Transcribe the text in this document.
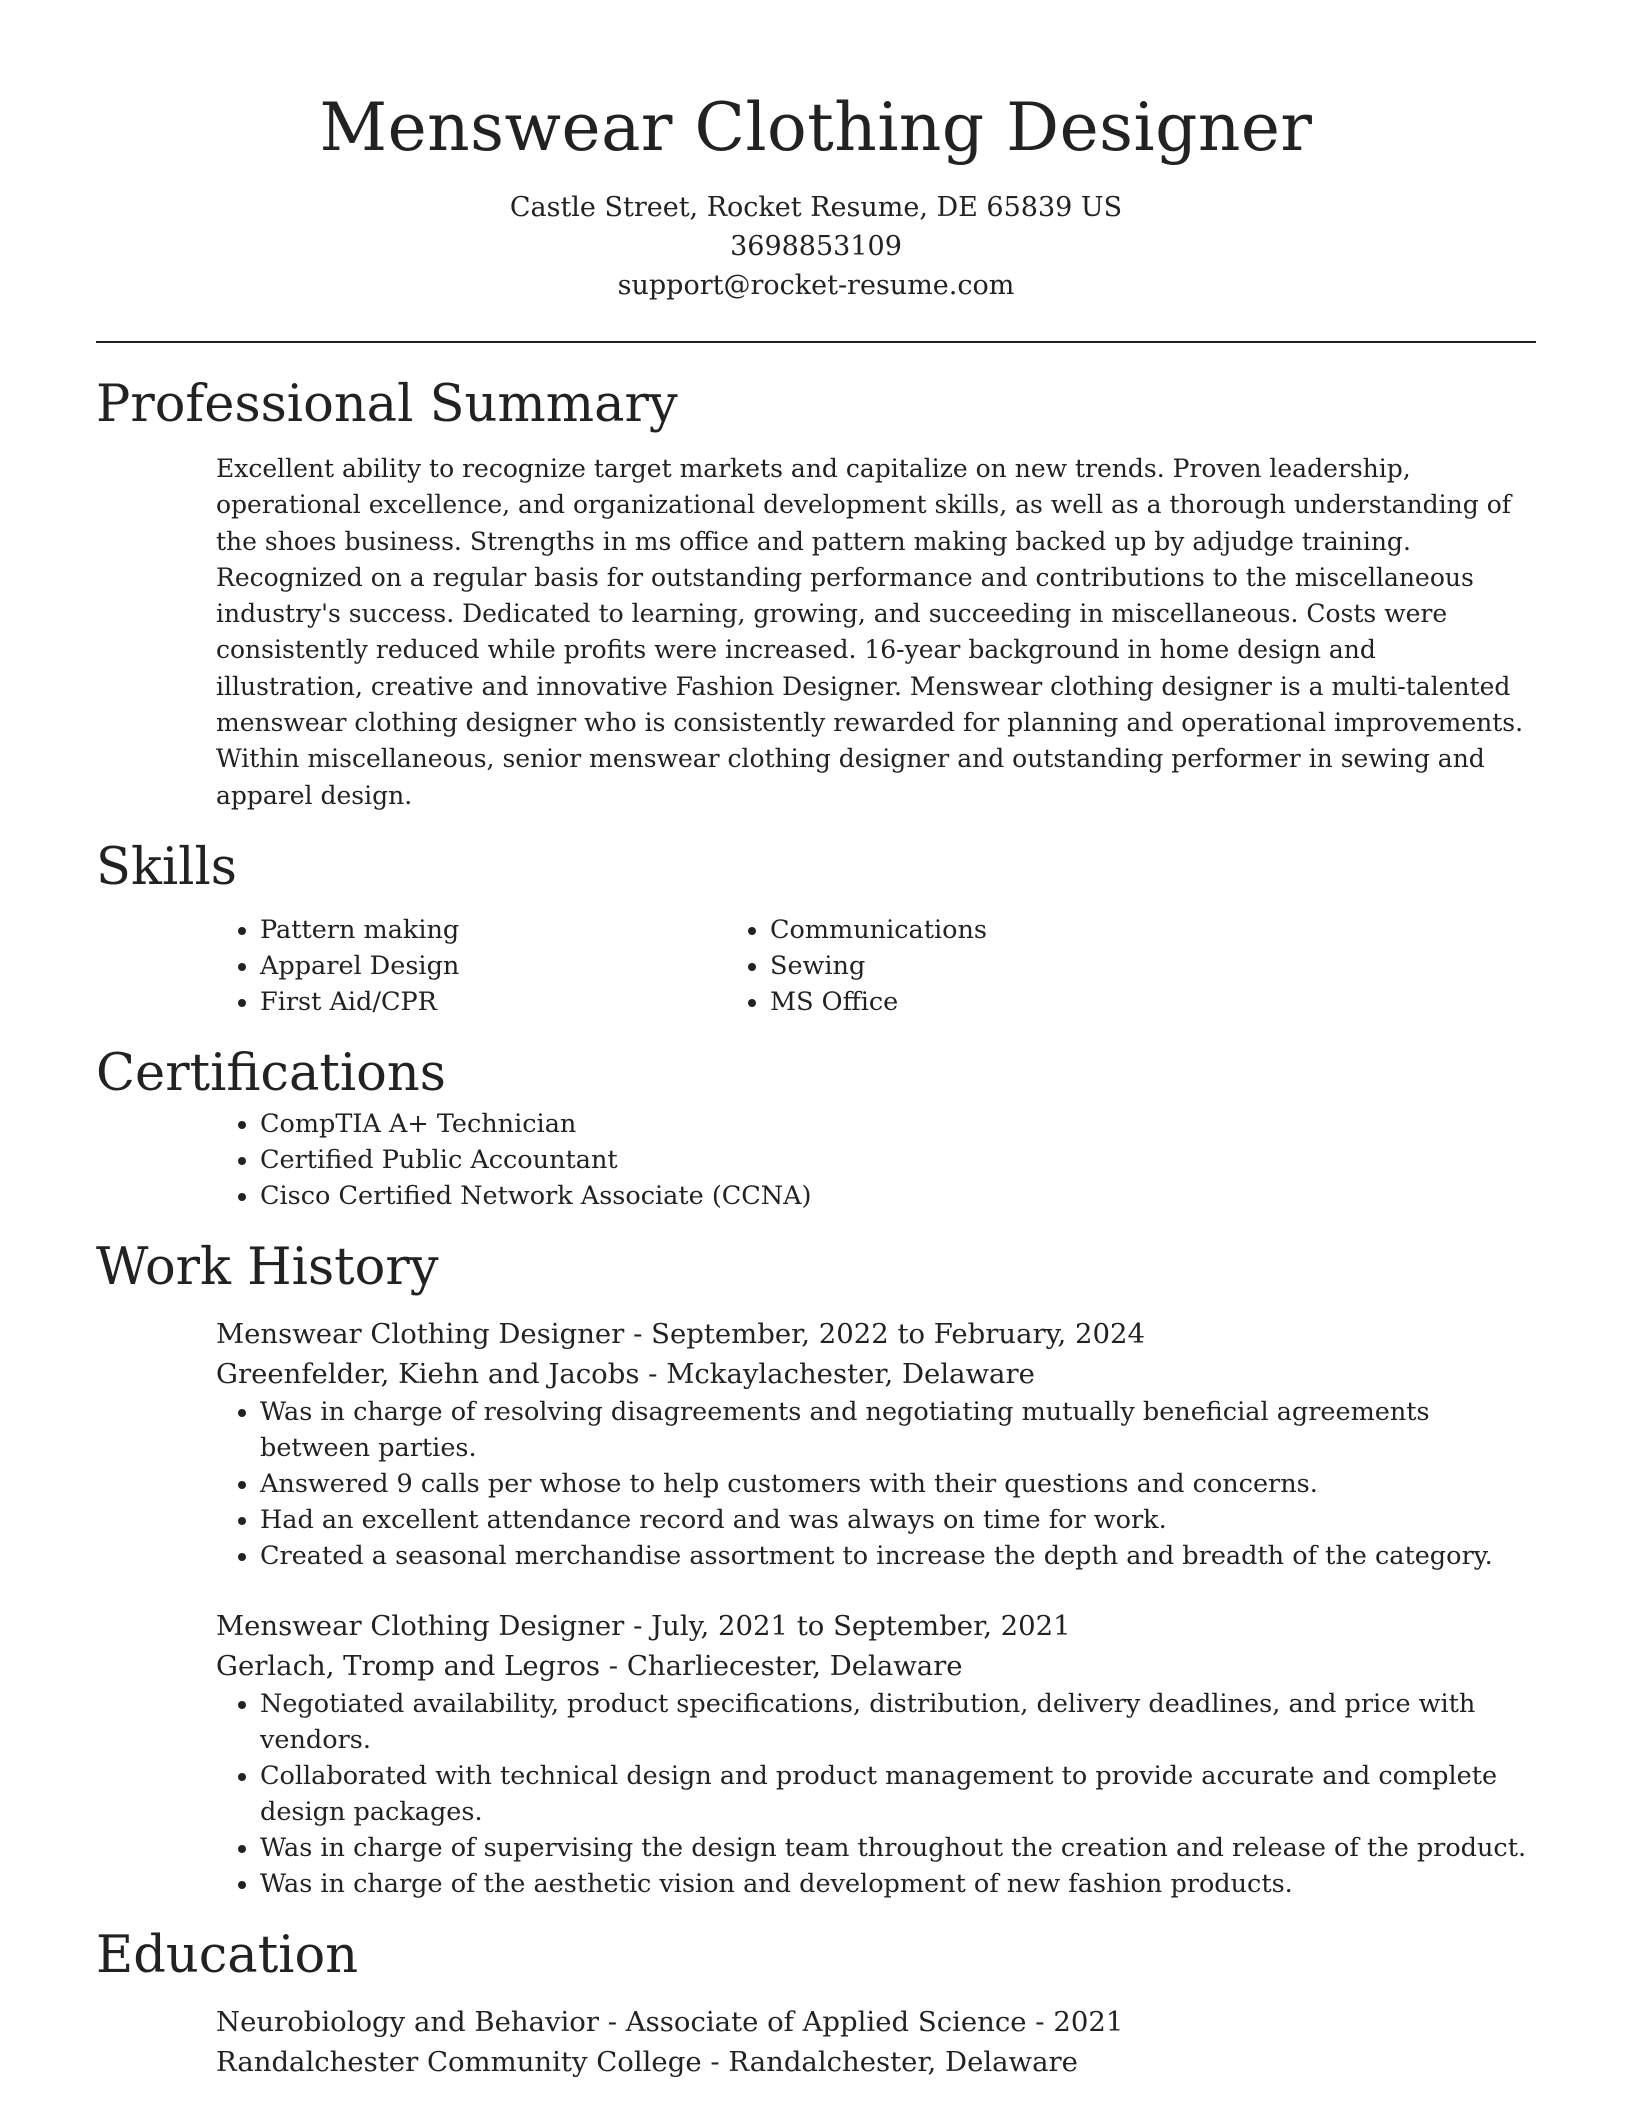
Menswear Clothing Designer
Castle Street, Rocket Resume, DE 65839 US
3698853109
support@rocket-resume.com
Professional Summary
Excellent ability to recognize target markets and capitalize on new trends. Proven leadership, operational excellence, and organizational development skills, as well as a thorough understanding of the shoes business. Strengths in ms office and pattern making backed up by adjudge training. Recognized on a regular basis for outstanding performance and contributions to the miscellaneous industry's success. Dedicated to learning, growing, and succeeding in miscellaneous. Costs were consistently reduced while profits were increased. 16-year background in home design and illustration, creative and innovative Fashion Designer. Menswear clothing designer is a multi-talented menswear clothing designer who is consistently rewarded for planning and operational improvements. Within miscellaneous, senior menswear clothing designer and outstanding performer in sewing and apparel design.
Skills
• Pattern making
• Apparel Design
• First Aid/CPR
• Communications
• Sewing
• MS Office
Certifications
• CompTIA A+ Technician
• Certified Public Accountant
• Cisco Certified Network Associate (CCNA)
Work History
Menswear Clothing Designer - September, 2022 to February, 2024
Greenfelder, Kiehn and Jacobs - Mckaylachester, Delaware
• Was in charge of resolving disagreements and negotiating mutually beneficial agreements between parties.
• Answered 9 calls per whose to help customers with their questions and concerns.
• Had an excellent attendance record and was always on time for work.
• Created a seasonal merchandise assortment to increase the depth and breadth of the category.
Menswear Clothing Designer - July, 2021 to September, 2021
Gerlach, Tromp and Legros - Charliecester, Delaware
• Negotiated availability, product specifications, distribution, delivery deadlines, and price with vendors.
• Collaborated with technical design and product management to provide accurate and complete design packages.
• Was in charge of supervising the design team throughout the creation and release of the product.
• Was in charge of the aesthetic vision and development of new fashion products.
Education
Neurobiology and Behavior - Associate of Applied Science - 2021
Randalchester Community College - Randalchester, Delaware
